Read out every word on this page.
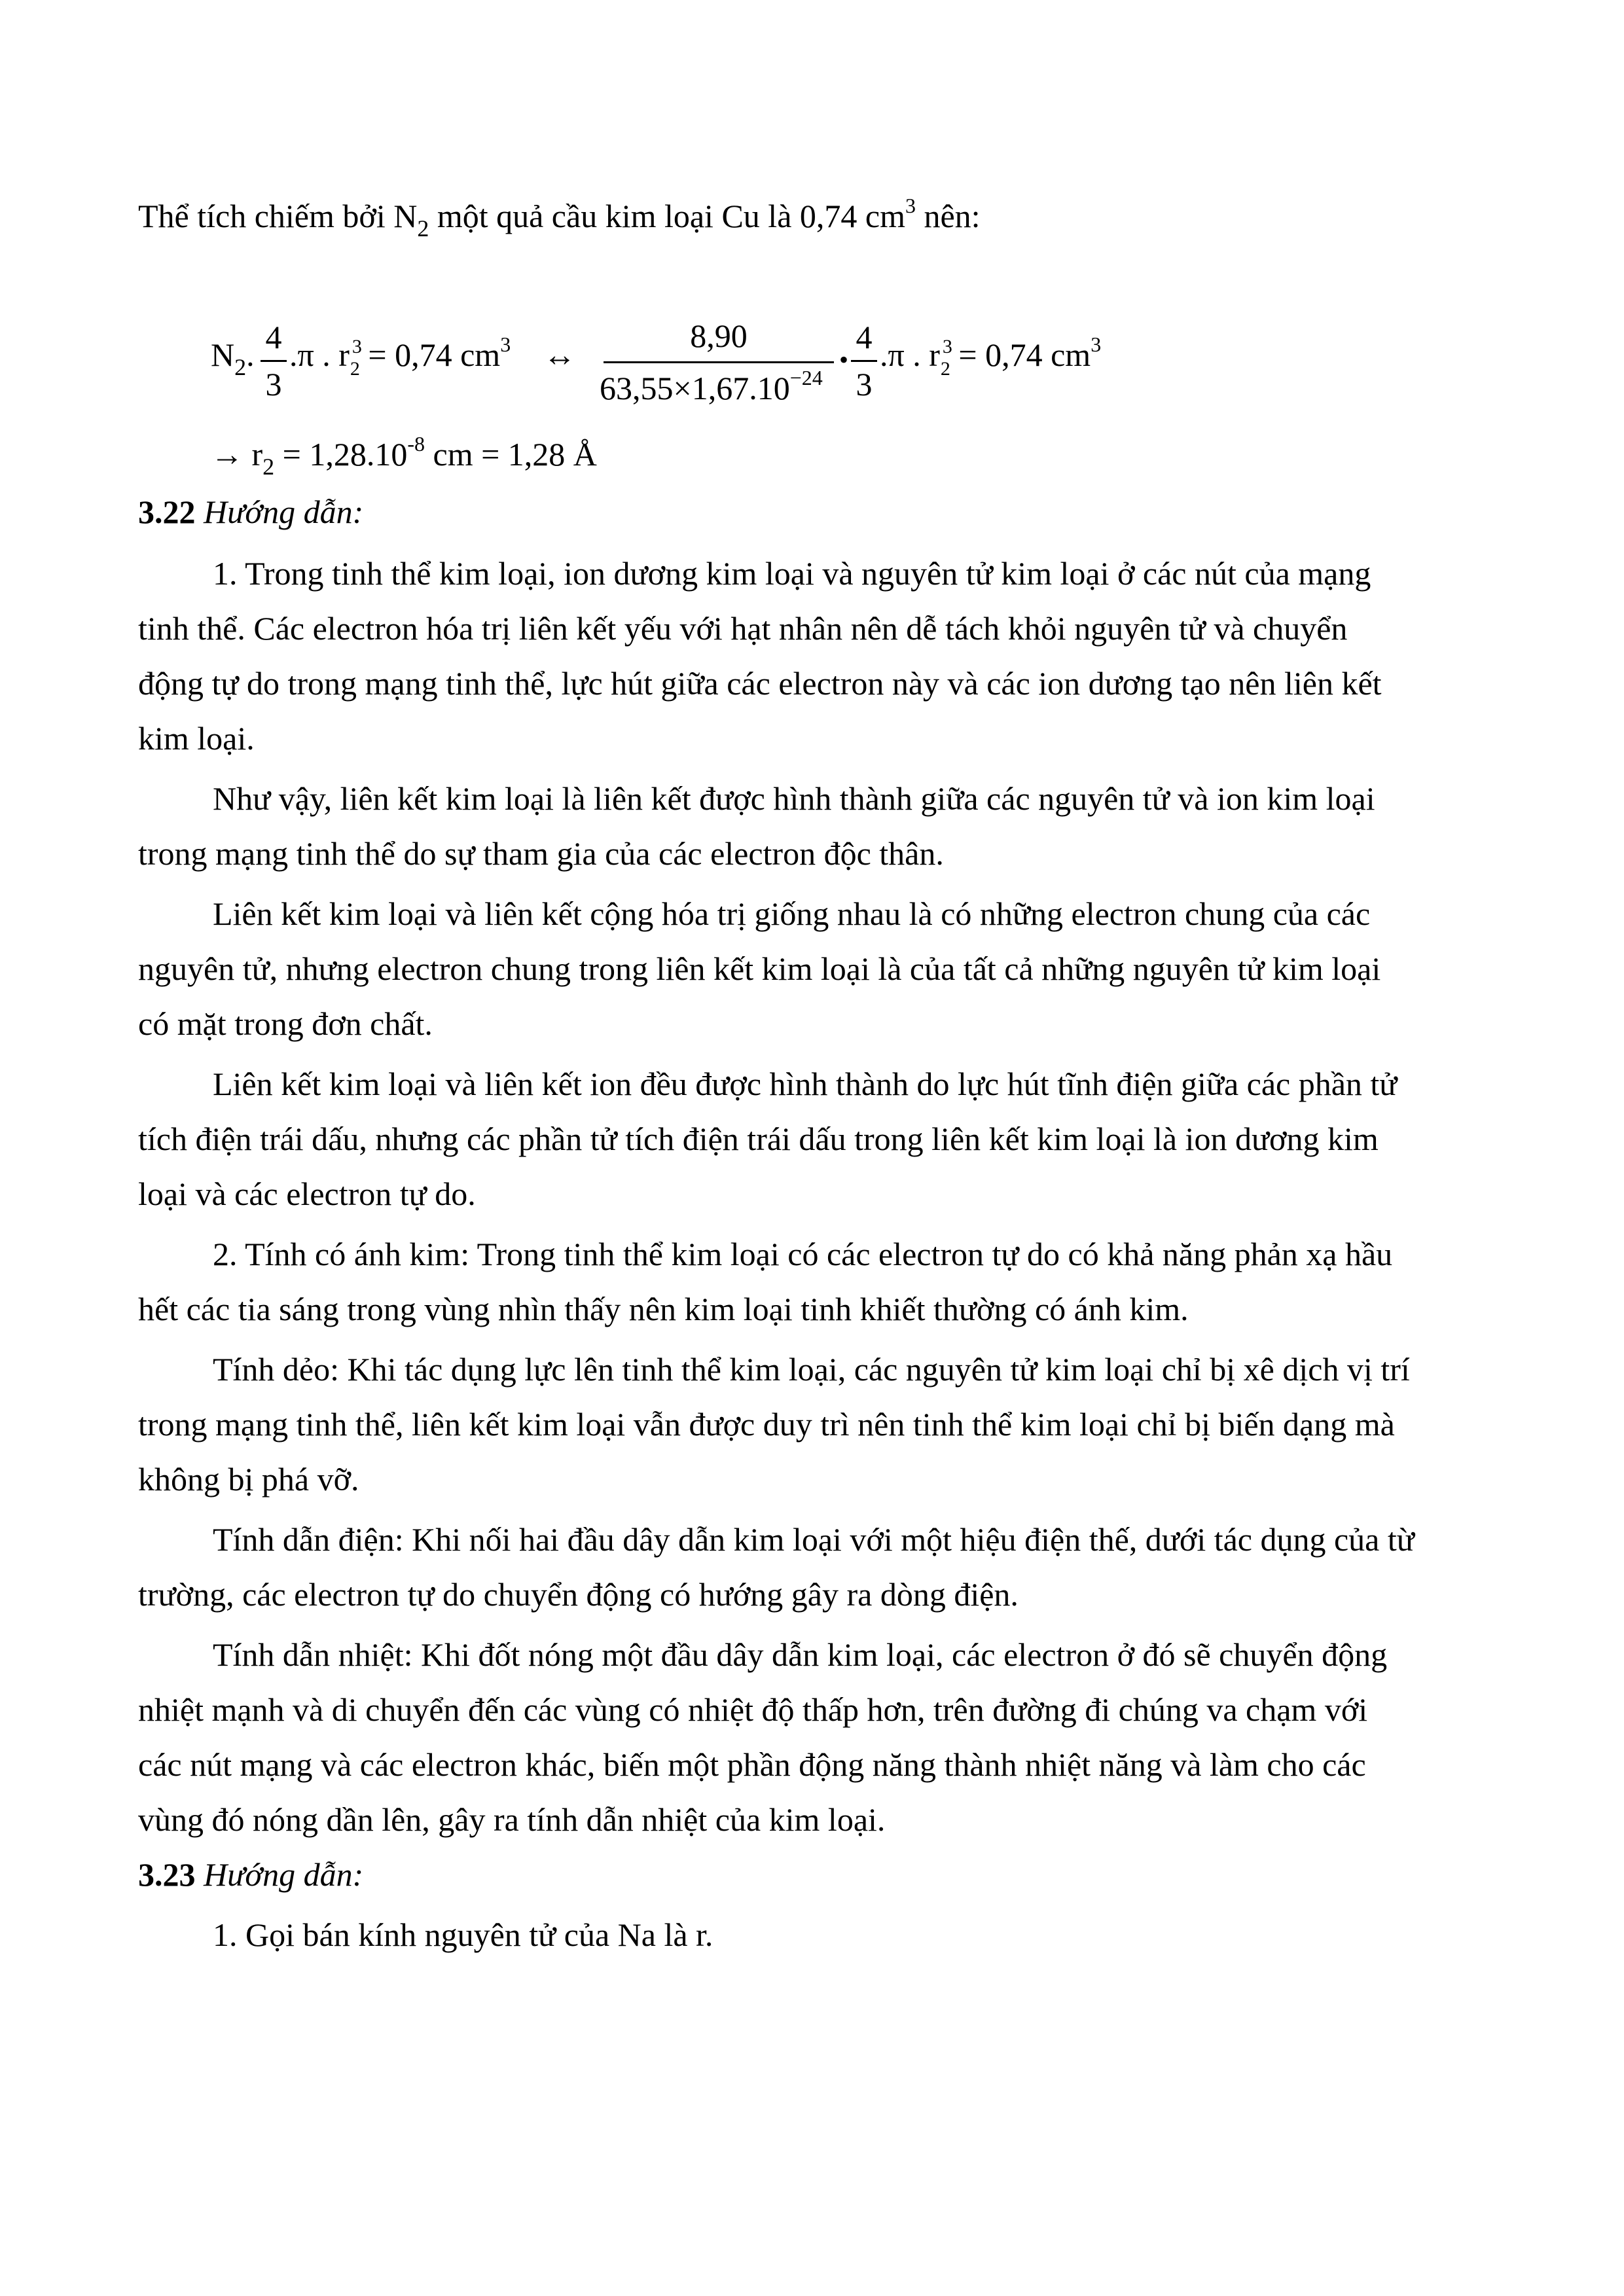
Thể tích chiếm bởi $N_2$ một quả cầu kim loại Cu là 0,74 $cm^3$ nên:
$N_2$. 4
3
.π . r $^3_2$ = 0,74 $cm^3$ ↔
8,90
$63,55\times 1,67.10^{-24}$
•
4
3
.π . r $^3_2$ = 0,74 $cm^3$
→ $r_2 = 1,28.10^{-8}$ cm = 1,28 Å
3.22 Hướng dẫn:
1. Trong tinh thể kim loại, ion dương kim loại và nguyên tử kim loại ở các nút của mạng
tinh thể. Các electron hóa trị liên kết yếu với hạt nhân nên dễ tách khỏi nguyên tử và chuyển
động tự do trong mạng tinh thể, lực hút giữa các electron này và các ion dương tạo nên liên kết
kim loại.
Như vậy, liên kết kim loại là liên kết được hình thành giữa các nguyên tử và ion kim loại
trong mạng tinh thể do sự tham gia của các electron độc thân.
Liên kết kim loại và liên kết cộng hóa trị giống nhau là có những electron chung của các
nguyên tử, nhưng electron chung trong liên kết kim loại là của tất cả những nguyên tử kim loại
có mặt trong đơn chất.
Liên kết kim loại và liên kết ion đều được hình thành do lực hút tĩnh điện giữa các phần tử
tích điện trái dấu, nhưng các phần tử tích điện trái dấu trong liên kết kim loại là ion dương kim
loại và các electron tự do.
2. Tính có ánh kim: Trong tinh thể kim loại có các electron tự do có khả năng phản xạ hầu
hết các tia sáng trong vùng nhìn thấy nên kim loại tinh khiết thường có ánh kim.
Tính dẻo: Khi tác dụng lực lên tinh thể kim loại, các nguyên tử kim loại chỉ bị xê dịch vị trí
trong mạng tinh thể, liên kết kim loại vẫn được duy trì nên tinh thể kim loại chỉ bị biến dạng mà
không bị phá vỡ.
Tính dẫn điện: Khi nối hai đầu dây dẫn kim loại với một hiệu điện thế, dưới tác dụng của từ
trường, các electron tự do chuyển động có hướng gây ra dòng điện.
Tính dẫn nhiệt: Khi đốt nóng một đầu dây dẫn kim loại, các electron ở đó sẽ chuyển động
nhiệt mạnh và di chuyển đến các vùng có nhiệt độ thấp hơn, trên đường đi chúng va chạm với
các nút mạng và các electron khác, biến một phần động năng thành nhiệt năng và làm cho các
vùng đó nóng dần lên, gây ra tính dẫn nhiệt của kim loại.
3.23 Hướng dẫn:
1. Gọi bán kính nguyên tử của Na là r.
